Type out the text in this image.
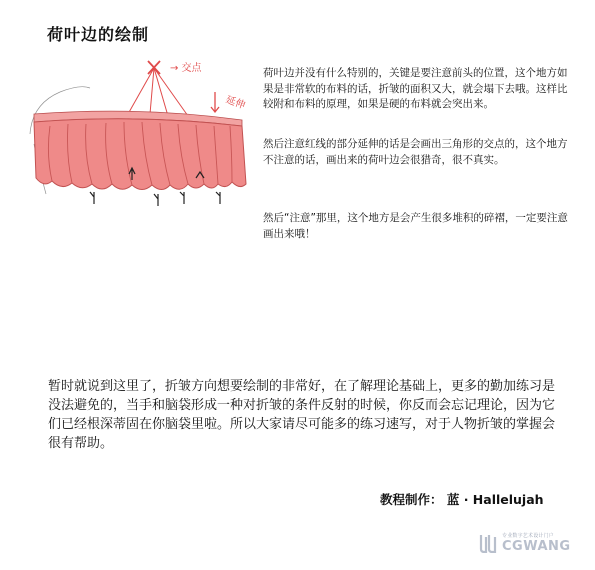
荷叶边的绘制
→ 交点
延伸
荷叶边并没有什么特别的，关键是要注意前头的位置，这个地方如果是非常软的布料的话，折皱的面积又大，就会塌下去哦。这样比较附和布料的原理，如果是硬的布料就会突出来。
然后注意红线的部分延伸的话是会画出三角形的交点的，这个地方不注意的话，画出来的荷叶边会很猎奇，很不真实。
然后“注意”那里，这个地方是会产生很多堆积的碎褶，一定要注意画出来哦！
暂时就说到这里了，折皱方向想要绘制的非常好，在了解理论基础上，更多的勤加练习是没法避免的，当手和脑袋形成一种对折皱的条件反射的时候，你反而会忘记理论，因为它们已经根深蒂固在你脑袋里啦。所以大家请尽可能多的练习速写，对于人物折皱的掌握会很有帮助。
教程制作： 蓝 · Hallelujah
专业数字艺术设计门户
CGWANG
